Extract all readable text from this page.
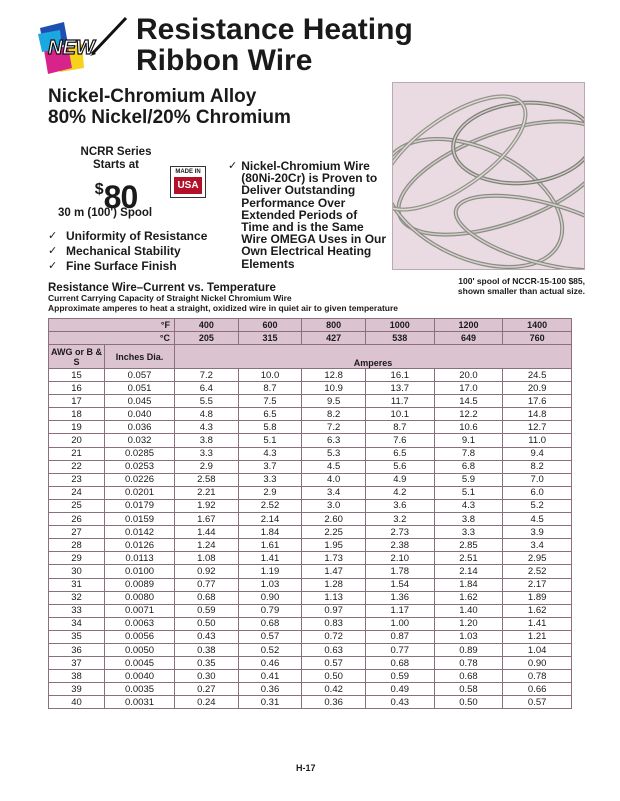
NEW
Resistance Heating
Ribbon Wire
Nickel-Chromium Alloy
80% Nickel/20% Chromium
100' spool of NCCR-15-100 $85,
shown smaller than actual size.
NCRR Series
Starts at
$80
30 m (100') Spool
MADE IN
USA
✓ Uniformity of Resistance
✓ Mechanical Stability
✓ Fine Surface Finish
✓ Nickel-Chromium Wire (80Ni-20Cr) is Proven to Deliver Outstanding Performance Over Extended Periods of Time and is the Same Wire OMEGA Uses in Our Own Electrical Heating Elements
Resistance Wire–Current vs. Temperature
Current Carrying Capacity of Straight Nickel Chromium Wire
Approximate amperes to heat a straight, oxidized wire in quiet air to given temperature
°F		400	600	800	1000	1200	1400
°C		205	315	427	538	649	760
AWG or B & S	Inches Dia.	Amperes					
15	0.057	7.2	10.0	12.8	16.1	20.0	24.5
16	0.051	6.4	8.7	10.9	13.7	17.0	20.9
17	0.045	5.5	7.5	9.5	11.7	14.5	17.6
18	0.040	4.8	6.5	8.2	10.1	12.2	14.8
19	0.036	4.3	5.8	7.2	8.7	10.6	12.7
20	0.032	3.8	5.1	6.3	7.6	9.1	11.0
21	0.0285	3.3	4.3	5.3	6.5	7.8	9.4
22	0.0253	2.9	3.7	4.5	5.6	6.8	8.2
23	0.0226	2.58	3.3	4.0	4.9	5.9	7.0
24	0.0201	2.21	2.9	3.4	4.2	5.1	6.0
25	0.0179	1.92	2.52	3.0	3.6	4.3	5.2
26	0.0159	1.67	2.14	2.60	3.2	3.8	4.5
27	0.0142	1.44	1.84	2.25	2.73	3.3	3.9
28	0.0126	1.24	1.61	1.95	2.38	2.85	3.4
29	0.0113	1.08	1.41	1.73	2.10	2.51	2.95
30	0.0100	0.92	1.19	1.47	1.78	2.14	2.52
31	0.0089	0.77	1.03	1.28	1.54	1.84	2.17
32	0.0080	0.68	0.90	1.13	1.36	1.62	1.89
33	0.0071	0.59	0.79	0.97	1.17	1.40	1.62
34	0.0063	0.50	0.68	0.83	1.00	1.20	1.41
35	0.0056	0.43	0.57	0.72	0.87	1.03	1.21
36	0.0050	0.38	0.52	0.63	0.77	0.89	1.04
37	0.0045	0.35	0.46	0.57	0.68	0.78	0.90
38	0.0040	0.30	0.41	0.50	0.59	0.68	0.78
39	0.0035	0.27	0.36	0.42	0.49	0.58	0.66
40	0.0031	0.24	0.31	0.36	0.43	0.50	0.57
H-17
